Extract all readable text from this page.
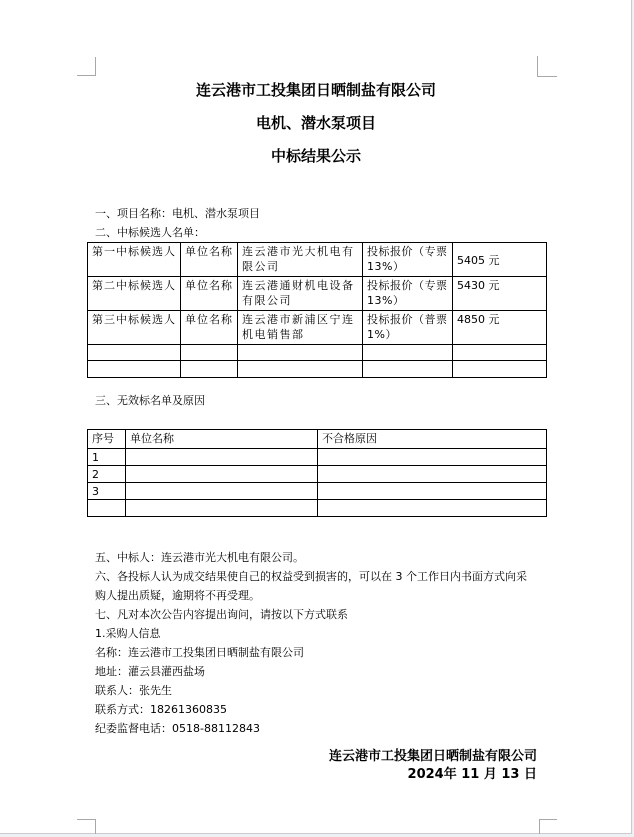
连云港市工投集团日晒制盐有限公司
电机、潜水泵项目
中标结果公示
一、项目名称：电机、潜水泵项目
二、中标候选人名单：
第一中标候选人	单位名称	连云港市光大机电有限公司	投标报价（专票13%）	5405 元
第二中标候选人	单位名称	连云港通财机电设备有限公司	投标报价（专票13%）	5430 元
第三中标候选人	单位名称	连云港市新浦区宁连机电销售部	投标报价（普票1%）	4850 元

三、无效标名单及原因
序号	单位名称	不合格原因
1		
2		
3		

五、中标人：连云港市光大机电有限公司。
六、各投标人认为成交结果使自己的权益受到损害的，可以在 3 个工作日内书面方式向采购人提出质疑，逾期将不再受理。
七、凡对本次公告内容提出询问，请按以下方式联系
1.采购人信息
名称：连云港市工投集团日晒制盐有限公司
地址：灌云县灌西盐场
联系人：张先生
联系方式：18261360835
纪委监督电话：0518-88112843
连云港市工投集团日晒制盐有限公司
2024年 11 月 13 日
